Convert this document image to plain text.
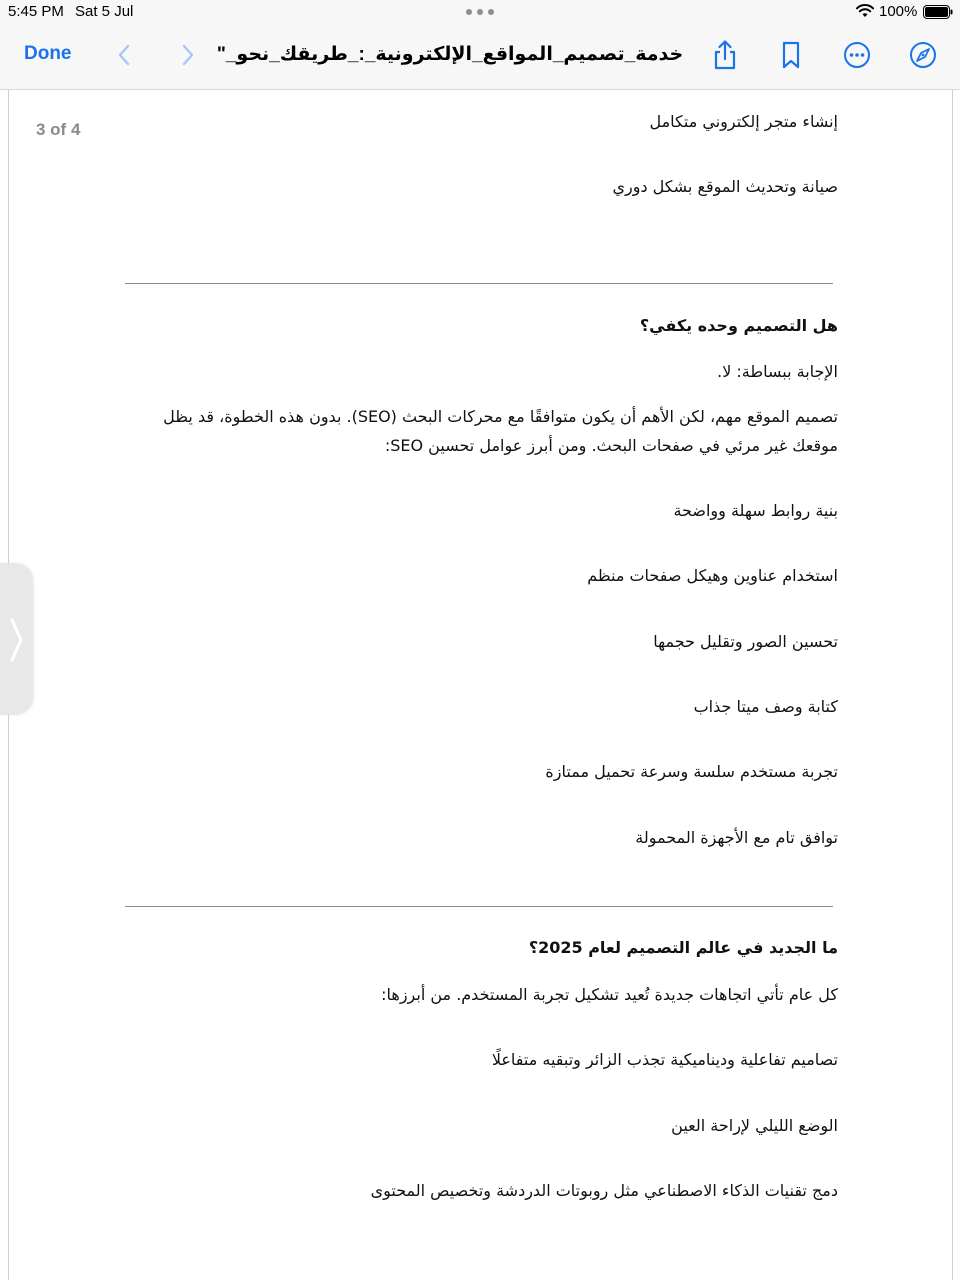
5:45 PM Sat 5 Jul	100%
Done	"_خدمة_تصميم_المواقع_الإلكترونية_:_طريقك_نحو
3 of 4	إنشاء متجر إلكتروني متكامل
صيانة وتحديث الموقع بشكل دوري
هل التصميم وحده يكفي؟
الإجابة ببساطة: لا.
تصميم الموقع مهم، لكن الأهم أن يكون متوافقًا مع محركات البحث (SEO). بدون هذه الخطوة، قد يظل
موقعك غير مرئي في صفحات البحث. ومن أبرز عوامل تحسين SEO:
بنية روابط سهلة وواضحة
استخدام عناوين وهيكل صفحات منظم
تحسين الصور وتقليل حجمها
كتابة وصف ميتا جذاب
تجربة مستخدم سلسة وسرعة تحميل ممتازة
توافق تام مع الأجهزة المحمولة
ما الجديد في عالم التصميم لعام 2025؟
كل عام تأتي اتجاهات جديدة تُعيد تشكيل تجربة المستخدم. من أبرزها:
تصاميم تفاعلية وديناميكية تجذب الزائر وتبقيه متفاعلًا
الوضع الليلي لإراحة العين
دمج تقنيات الذكاء الاصطناعي مثل روبوتات الدردشة وتخصيص المحتوى
